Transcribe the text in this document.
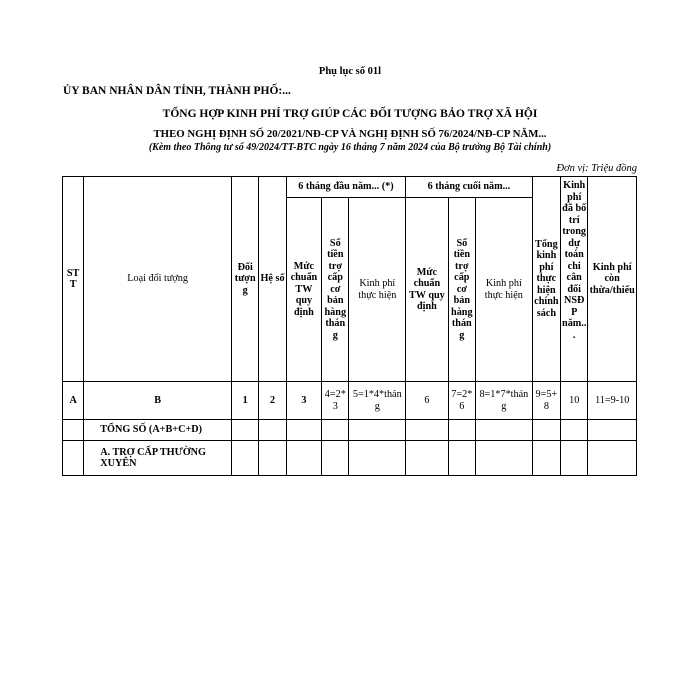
Phụ lục số 01l
ỦY BAN NHÂN DÂN TỈNH, THÀNH PHỐ:...
TỔNG HỢP KINH PHÍ TRỢ GIÚP CÁC ĐỐI TƯỢNG BẢO TRỢ XÃ HỘI
THEO NGHỊ ĐỊNH SỐ 20/2021/NĐ-CP VÀ NGHỊ ĐỊNH SỐ 76/2024/NĐ-CP NĂM...
(Kèm theo Thông tư số 49/2024/TT-BTC ngày 16 tháng 7 năm 2024 của Bộ trưởng Bộ Tài chính)
Đơn vị: Triệu đồng
STT	Loại đối tượng	Đối tượng	Hệ số	6 tháng đầu năm... (*)			6 tháng cuối năm...			Tổng kinh phí thực hiện chính sách	Kinh phí đã bố trí trong dự toán chi cân đối NSĐP năm...	Kinh phí còn thừa/thiếu
				Mức chuẩn TW quy định	Số tiền trợ cấp cơ bản hàng tháng	Kinh phí thực hiện	Mức chuẩn TW quy định	Số tiền trợ cấp cơ bản hàng tháng	Kinh phí thực hiện			
A	B	1	2	3	4=2*3	5=1*4*tháng	6	7=2*6	8=1*7*tháng	9=5+8	10	11=9-10
	TỔNG SỐ (A+B+C+D)											
	A. TRỢ CẤP THƯỜNG XUYÊN											
